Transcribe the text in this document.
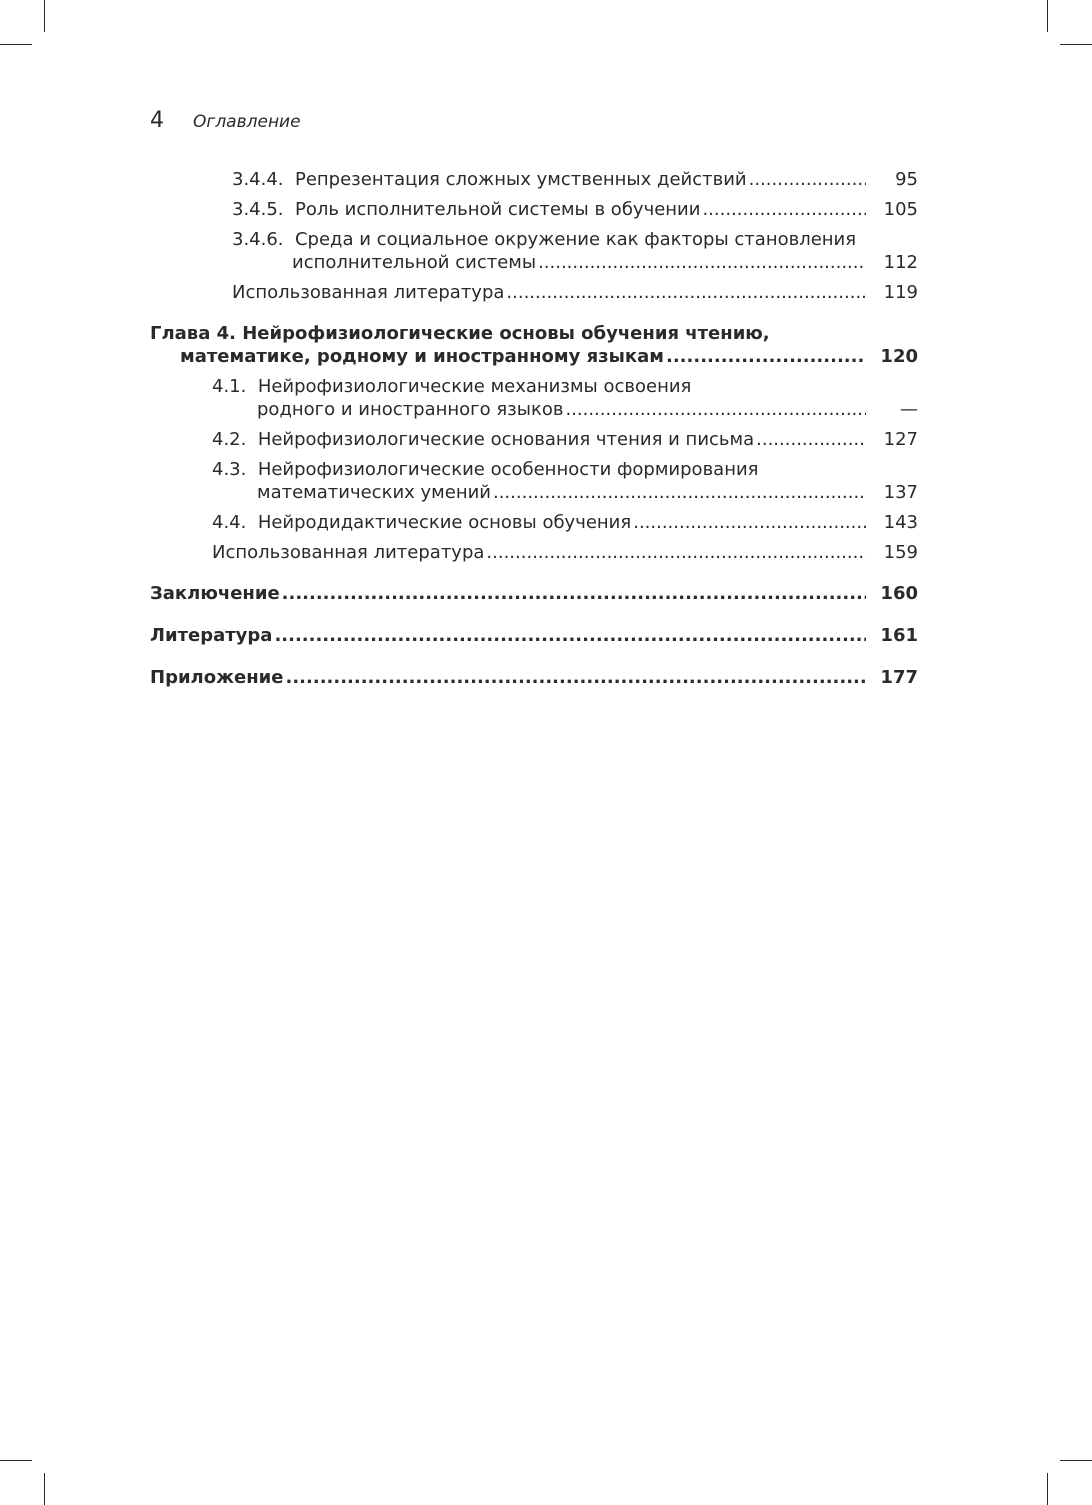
4	Оглавление
3.4.4. Репрезентация сложных умственных действий .....	95
3.4.5. Роль исполнительной системы в обучении .....	105
3.4.6. Среда и социальное окружение как факторы становления
исполнительной системы .....	112
Использованная литература .....	119
Глава 4. Нейрофизиологические основы обучения чтению,
математике, родному и иностранному языкам .....	120
4.1. Нейрофизиологические механизмы освоения
родного и иностранного языков .....	—
4.2. Нейрофизиологические основания чтения и письма .....	127
4.3. Нейрофизиологические особенности формирования
математических умений .....	137
4.4. Нейродидактические основы обучения .....	143
Использованная литература .....	159
Заключение .....	160
Литература .....	161
Приложение .....	177
